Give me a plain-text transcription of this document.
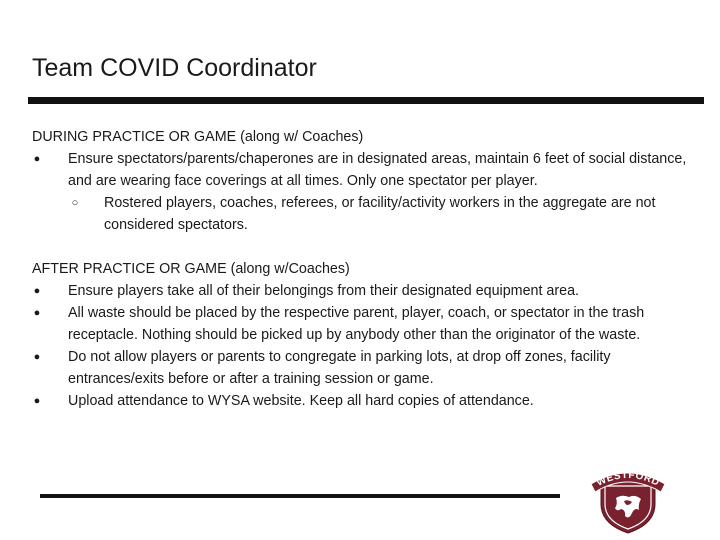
Team COVID Coordinator
DURING PRACTICE OR GAME (along w/ Coaches)
● Ensure spectators/parents/chaperones are in designated areas, maintain 6 feet of social distance, and are wearing face coverings at all times. Only one spectator per player.
○ Rostered players, coaches, referees, or facility/activity workers in the aggregate are not considered spectators.
AFTER PRACTICE OR GAME (along w/Coaches)
● Ensure players take all of their belongings from their designated equipment area.
● All waste should be placed by the respective parent, player, coach, or spectator in the trash receptacle. Nothing should be picked up by anybody other than the originator of the waste.
● Do not allow players or parents to congregate in parking lots, at drop off zones, facility entrances/exits before or after a training session or game.
● Upload attendance to WYSA website. Keep all hard copies of attendance.
WESTFORD
